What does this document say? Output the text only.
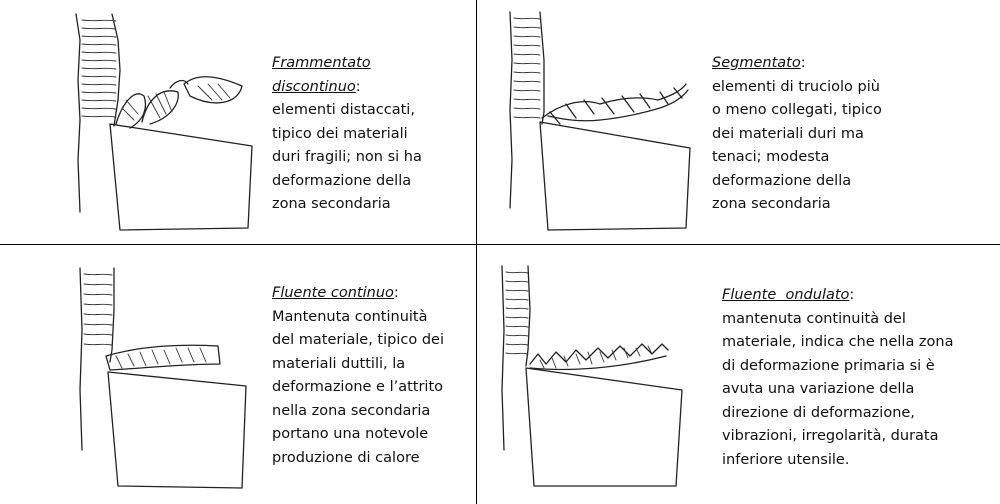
Frammentato
discontinuo:
elementi distaccati,
tipico dei materiali
duri fragili; non si ha
deformazione della
zona secondaria
Segmentato:
elementi di truciolo più
o meno collegati, tipico
dei materiali duri ma
tenaci; modesta
deformazione della
zona secondaria
Fluente continuo:
Mantenuta continuità
del materiale, tipico dei
materiali duttili, la
deformazione e l’attrito
nella zona secondaria
portano una notevole
produzione di calore
Fluente  ondulato:
mantenuta continuità del
materiale, indica che nella zona
di deformazione primaria si è
avuta una variazione della
direzione di deformazione,
vibrazioni, irregolarità, durata
inferiore utensile.
